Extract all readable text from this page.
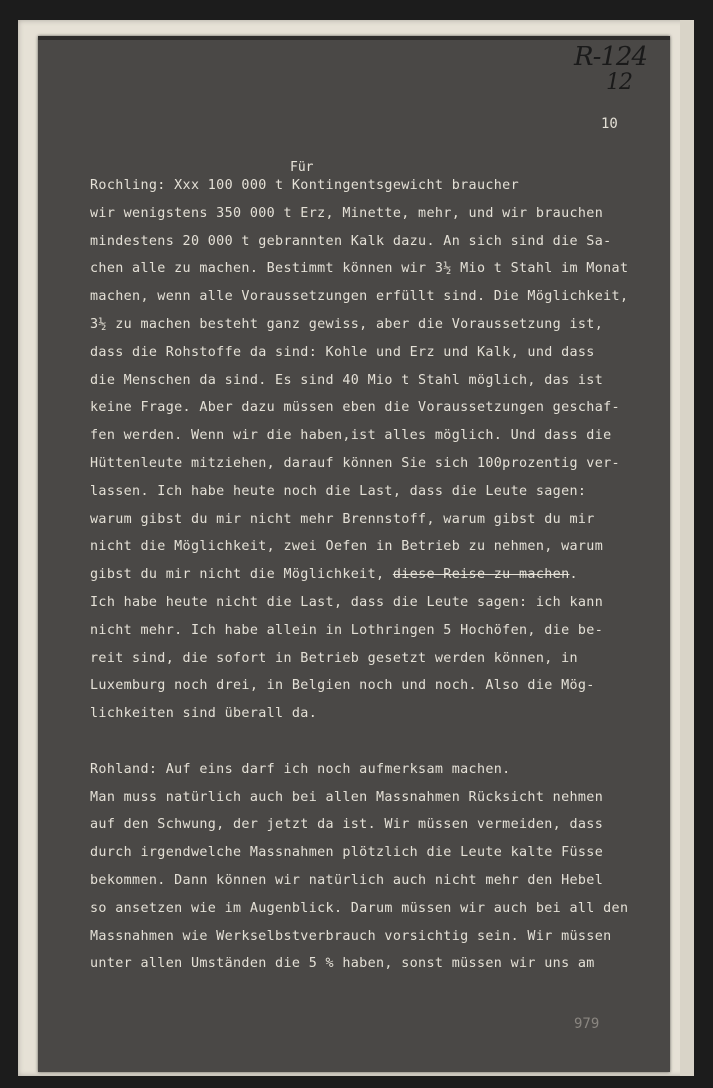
R-124
12
10
Für
Rochling: Xxx 100 000 t Kontingentsgewicht braucher
wir wenigstens 350 000 t Erz, Minette, mehr, und wir brauchen
mindestens 20 000 t gebrannten Kalk dazu. An sich sind die Sa-
chen alle zu machen. Bestimmt können wir 3½ Mio t Stahl im Monat
machen, wenn alle Voraussetzungen erfüllt sind. Die Möglichkeit,
3½ zu machen besteht ganz gewiss, aber die Voraussetzung ist,
dass die Rohstoffe da sind: Kohle und Erz und Kalk, und dass
die Menschen da sind. Es sind 40 Mio t Stahl möglich, das ist
keine Frage. Aber dazu müssen eben die Voraussetzungen geschaf-
fen werden. Wenn wir die haben,ist alles möglich. Und dass die
Hüttenleute mitziehen, darauf können Sie sich 100prozentig ver-
lassen. Ich habe heute noch die Last, dass die Leute sagen:
warum gibst du mir nicht mehr Brennstoff, warum gibst du mir
nicht die Möglichkeit, zwei Oefen in Betrieb zu nehmen, warum
gibst du mir nicht die Möglichkeit, diese Reise zu machen.
Ich habe heute nicht die Last, dass die Leute sagen: ich kann
nicht mehr. Ich habe allein in Lothringen 5 Hochöfen, die be-
reit sind, die sofort in Betrieb gesetzt werden können, in
Luxemburg noch drei, in Belgien noch und noch. Also die Mög-
lichkeiten sind überall da.
Rohland: Auf eins darf ich noch aufmerksam machen.
Man muss natürlich auch bei allen Massnahmen Rücksicht nehmen
auf den Schwung, der jetzt da ist. Wir müssen vermeiden, dass
durch irgendwelche Massnahmen plötzlich die Leute kalte Füsse
bekommen. Dann können wir natürlich auch nicht mehr den Hebel
so ansetzen wie im Augenblick. Darum müssen wir auch bei all den
Massnahmen wie Werkselbstverbrauch vorsichtig sein. Wir müssen
unter allen Umständen die 5 % haben, sonst müssen wir uns am
979
